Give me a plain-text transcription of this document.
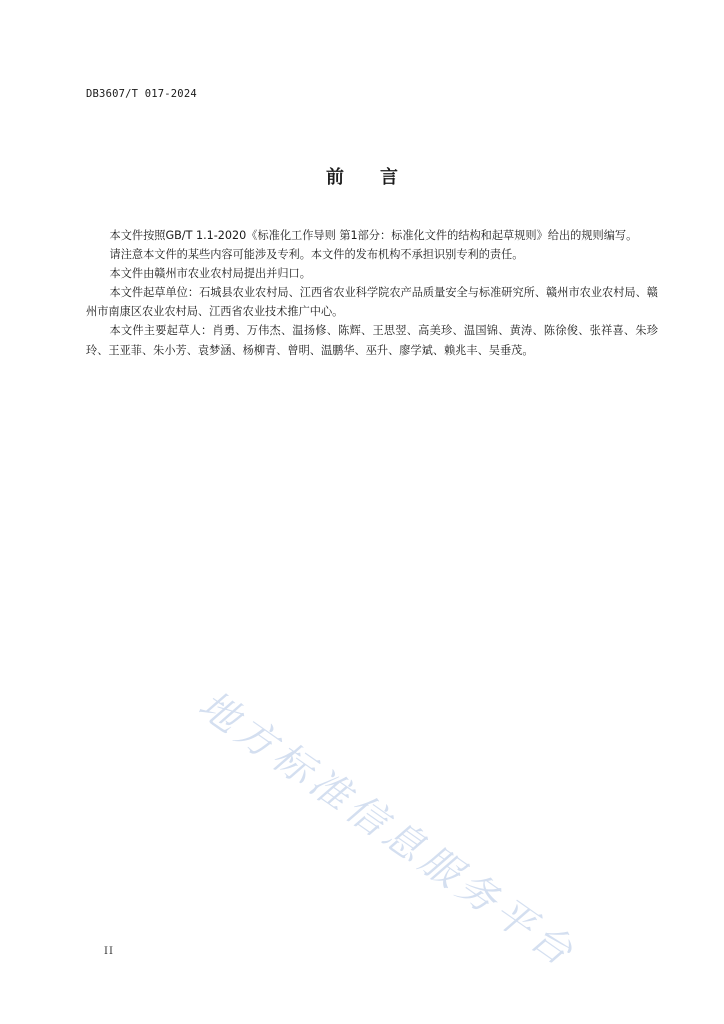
DB3607/T 017-2024
前 言

本文件按照GB/T 1.1-2020《标准化工作导则 第1部分：标准化文件的结构和起草规则》给出的规则编写。

请注意本文件的某些内容可能涉及专利。本文件的发布机构不承担识别专利的责任。

本文件由赣州市农业农村局提出并归口。

本文件起草单位：石城县农业农村局、江西省农业科学院农产品质量安全与标准研究所、赣州市农业农村局、赣州市南康区农业农村局、江西省农业技术推广中心。

本文件主要起草人：肖勇、万伟杰、温扬修、陈辉、王思翌、高美珍、温国锦、黄涛、陈徐俊、张祥喜、朱珍玲、王亚菲、朱小芳、袁梦涵、杨柳青、曾明、温鹏华、巫升、廖学斌、赖兆丰、吴垂茂。

地方标准信息服务平台
II
